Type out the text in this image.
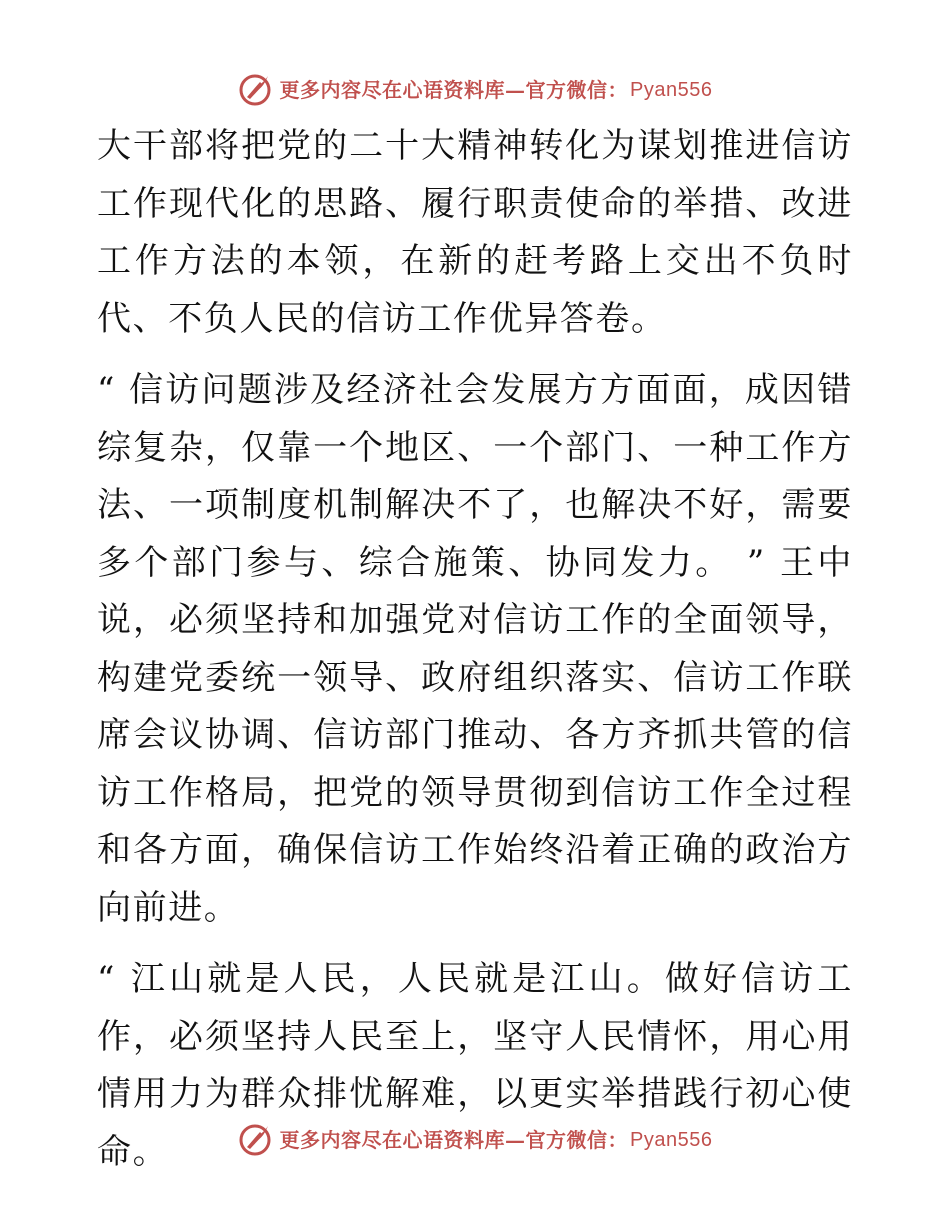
更多内容尽在心语资料库—官方微信： Pyan556

大干部将把党的二十大精神转化为谋划推进信访工作现代化的思路、履行职责使命的举措、改进工作方法的本领，在新的赶考路上交出不负时代、不负人民的信访工作优异答卷。

“ 信访问题涉及经济社会发展方方面面，成因错综复杂，仅靠一个地区、一个部门、一种工作方法、一项制度机制解决不了，也解决不好，需要多个部门参与、综合施策、协同发力。 ” 王中说，必须坚持和加强党对信访工作的全面领导，构建党委统一领导、政府组织落实、信访工作联席会议协调、信访部门推动、各方齐抓共管的信访工作格局，把党的领导贯彻到信访工作全过程和各方面，确保信访工作始终沿着正确的政治方向前进。

“ 江山就是人民，人民就是江山。做好信访工作，必须坚持人民至上，坚守人民情怀，用心用情用力为群众排忧解难，以更实举措践行初心使命。	更多内容尽在心语资料库—官方微信： Pyan556
